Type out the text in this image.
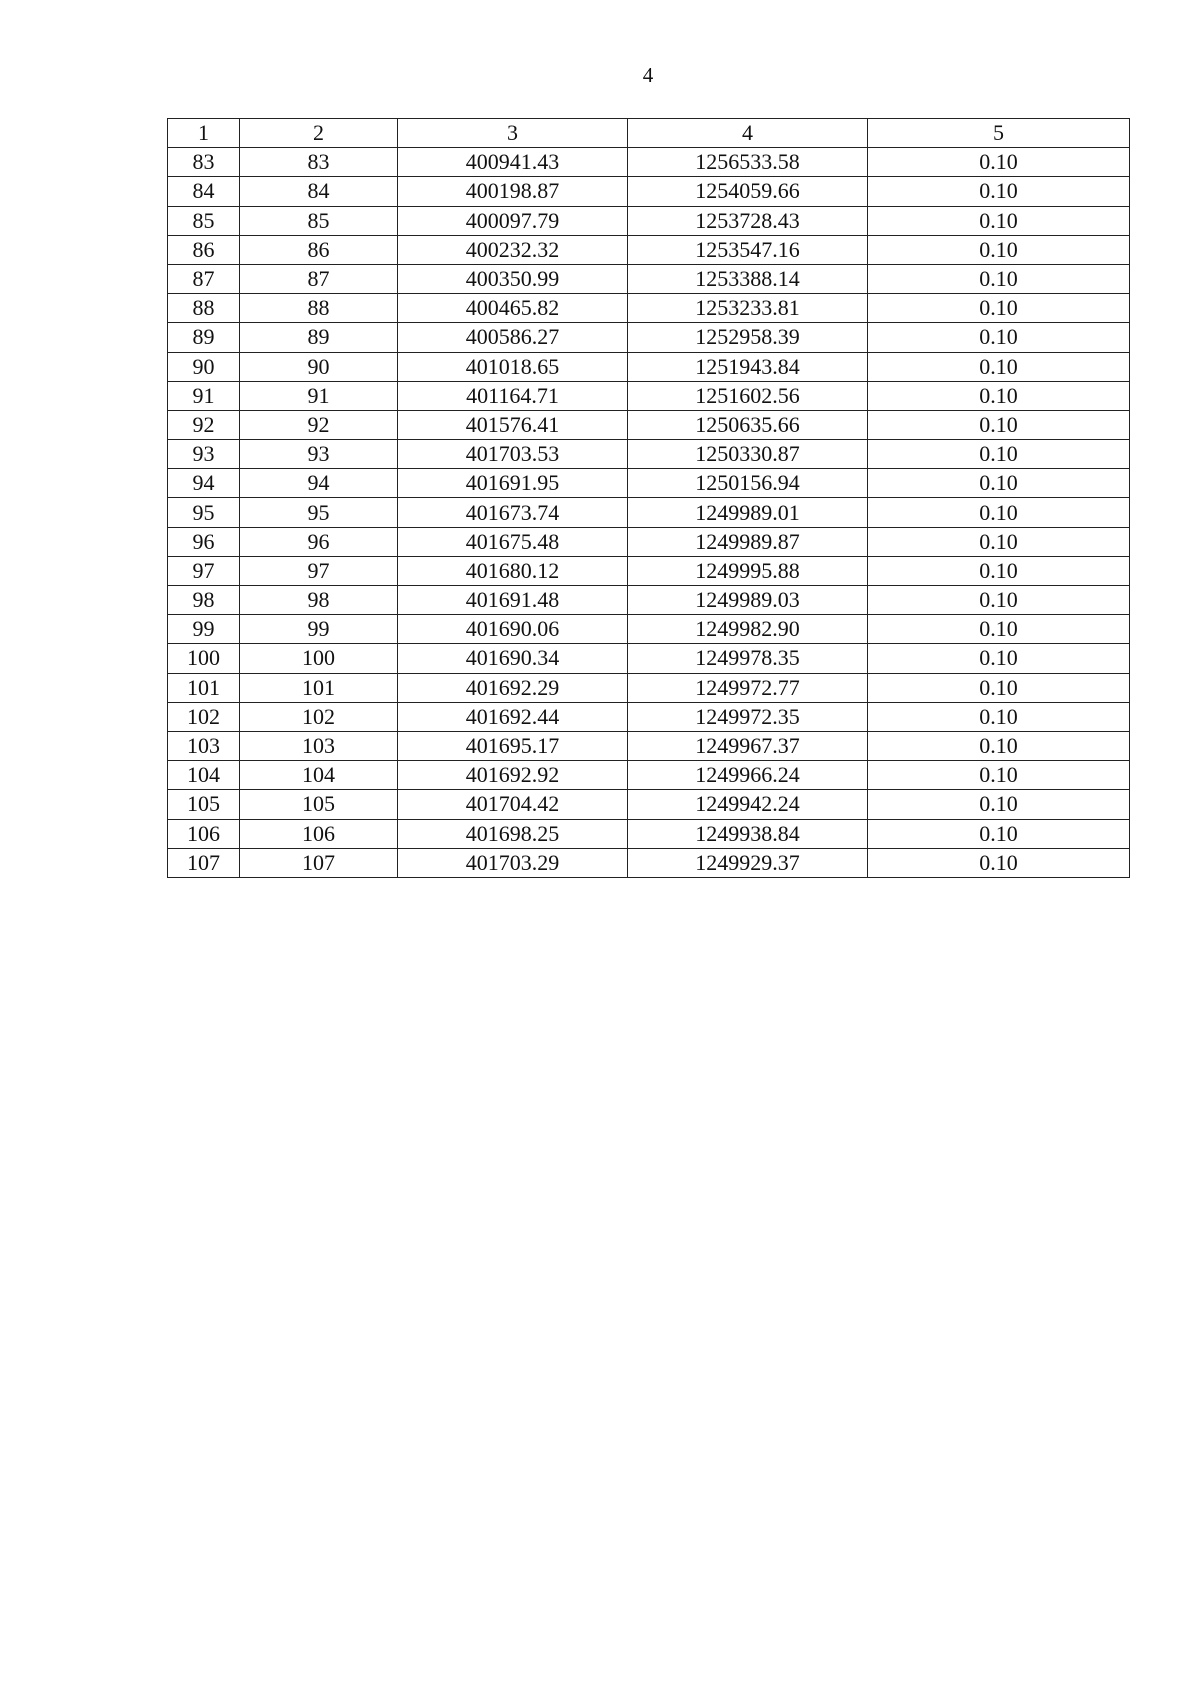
4
1	2	3	4	5
83	83	400941.43	1256533.58	0.10
84	84	400198.87	1254059.66	0.10
85	85	400097.79	1253728.43	0.10
86	86	400232.32	1253547.16	0.10
87	87	400350.99	1253388.14	0.10
88	88	400465.82	1253233.81	0.10
89	89	400586.27	1252958.39	0.10
90	90	401018.65	1251943.84	0.10
91	91	401164.71	1251602.56	0.10
92	92	401576.41	1250635.66	0.10
93	93	401703.53	1250330.87	0.10
94	94	401691.95	1250156.94	0.10
95	95	401673.74	1249989.01	0.10
96	96	401675.48	1249989.87	0.10
97	97	401680.12	1249995.88	0.10
98	98	401691.48	1249989.03	0.10
99	99	401690.06	1249982.90	0.10
100	100	401690.34	1249978.35	0.10
101	101	401692.29	1249972.77	0.10
102	102	401692.44	1249972.35	0.10
103	103	401695.17	1249967.37	0.10
104	104	401692.92	1249966.24	0.10
105	105	401704.42	1249942.24	0.10
106	106	401698.25	1249938.84	0.10
107	107	401703.29	1249929.37	0.10
